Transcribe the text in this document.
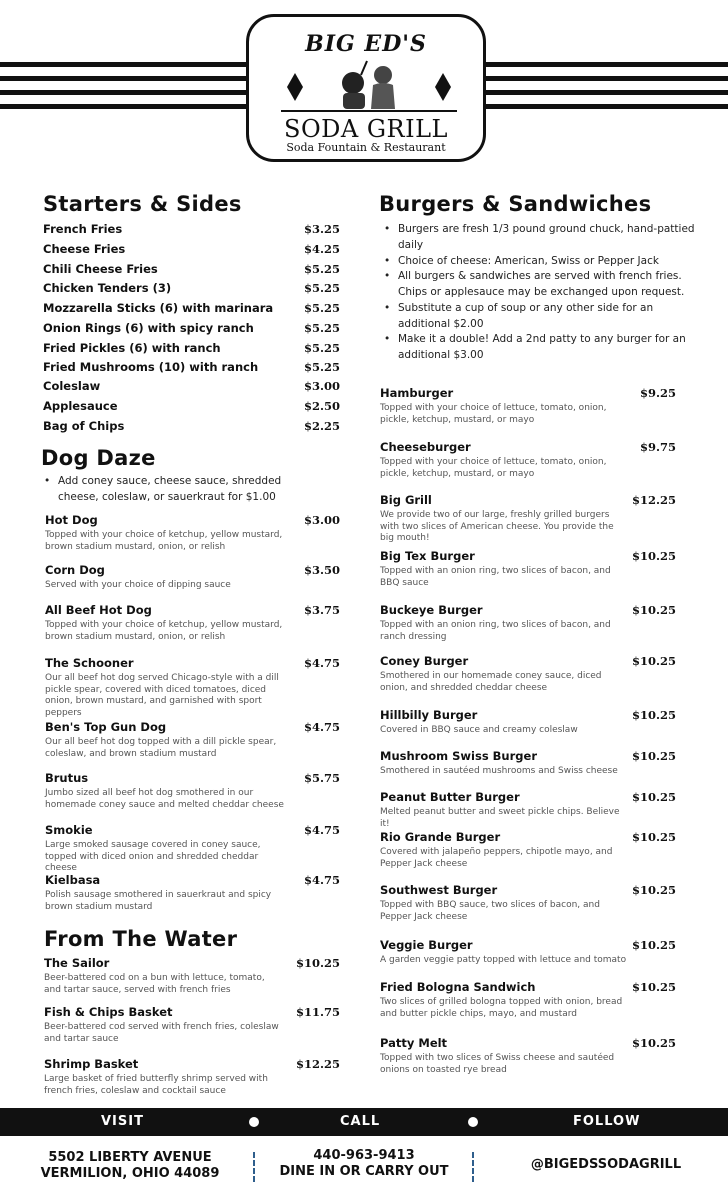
BIG ED'S
SODA GRILL
Soda Fountain & Restaurant
Starters & Sides
French Fries	$3.25
Cheese Fries	$4.25
Chili Cheese Fries	$5.25
Chicken Tenders (3)	$5.25
Mozzarella Sticks (6) with marinara	$5.25
Onion Rings (6) with spicy ranch	$5.25
Fried Pickles (6) with ranch	$5.25
Fried Mushrooms (10) with ranch	$5.25
Coleslaw	$3.00
Applesauce	$2.50
Bag of Chips	$2.25
Dog Daze
• Add coney sauce, cheese sauce, shredded cheese, coleslaw, or sauerkraut for $1.00
Hot Dog	$3.00
Topped with your choice of ketchup, yellow mustard, brown stadium mustard, onion, or relish
Corn Dog	$3.50
Served with your choice of dipping sauce
All Beef Hot Dog	$3.75
Topped with your choice of ketchup, yellow mustard, brown stadium mustard, onion, or relish
The Schooner	$4.75
Our all beef hot dog served Chicago-style with a dill pickle spear, covered with diced tomatoes, diced onion, brown mustard, and garnished with sport peppers
Ben's Top Gun Dog	$4.75
Our all beef hot dog topped with a dill pickle spear, coleslaw, and brown stadium mustard
Brutus	$5.75
Jumbo sized all beef hot dog smothered in our homemade coney sauce and melted cheddar cheese
Smokie	$4.75
Large smoked sausage covered in coney sauce, topped with diced onion and shredded cheddar cheese
Kielbasa	$4.75
Polish sausage smothered in sauerkraut and spicy brown stadium mustard
From The Water
The Sailor	$10.25
Beer-battered cod on a bun with lettuce, tomato, and tartar sauce, served with french fries
Fish & Chips Basket	$11.75
Beer-battered cod served with french fries, coleslaw and tartar sauce
Shrimp Basket	$12.25
Large basket of fried butterfly shrimp served with french fries, coleslaw and cocktail sauce
Burgers & Sandwiches
• Burgers are fresh 1/3 pound ground chuck, hand-pattied daily
• Choice of cheese: American, Swiss or Pepper Jack
• All burgers & sandwiches are served with french fries. Chips or applesauce may be exchanged upon request.
• Substitute a cup of soup or any other side for an additional $2.00
• Make it a double! Add a 2nd patty to any burger for an additional $3.00
Hamburger	$9.25
Topped with your choice of lettuce, tomato, onion, pickle, ketchup, mustard, or mayo
Cheeseburger	$9.75
Topped with your choice of lettuce, tomato, onion, pickle, ketchup, mustard, or mayo
Big Grill	$12.25
We provide two of our large, freshly grilled burgers with two slices of American cheese. You provide the big mouth!
Big Tex Burger	$10.25
Topped with an onion ring, two slices of bacon, and BBQ sauce
Buckeye Burger	$10.25
Topped with an onion ring, two slices of bacon, and ranch dressing
Coney Burger	$10.25
Smothered in our homemade coney sauce, diced onion, and shredded cheddar cheese
Hillbilly Burger	$10.25
Covered in BBQ sauce and creamy coleslaw
Mushroom Swiss Burger	$10.25
Smothered in sautéed mushrooms and Swiss cheese
Peanut Butter Burger	$10.25
Melted peanut butter and sweet pickle chips. Believe it!
Rio Grande Burger	$10.25
Covered with jalapeño peppers, chipotle mayo, and Pepper Jack cheese
Southwest Burger	$10.25
Topped with BBQ sauce, two slices of bacon, and Pepper Jack cheese
Veggie Burger	$10.25
A garden veggie patty topped with lettuce and tomato
Fried Bologna Sandwich	$10.25
Two slices of grilled bologna topped with onion, bread and butter pickle chips, mayo, and mustard
Patty Melt	$10.25
Topped with two slices of Swiss cheese and sautéed onions on toasted rye bread
VISIT	CALL	FOLLOW
5502 LIBERTY AVENUE
VERMILION, OHIO 44089
440-963-9413
DINE IN OR CARRY OUT	@BIGEDSSODAGRILL
